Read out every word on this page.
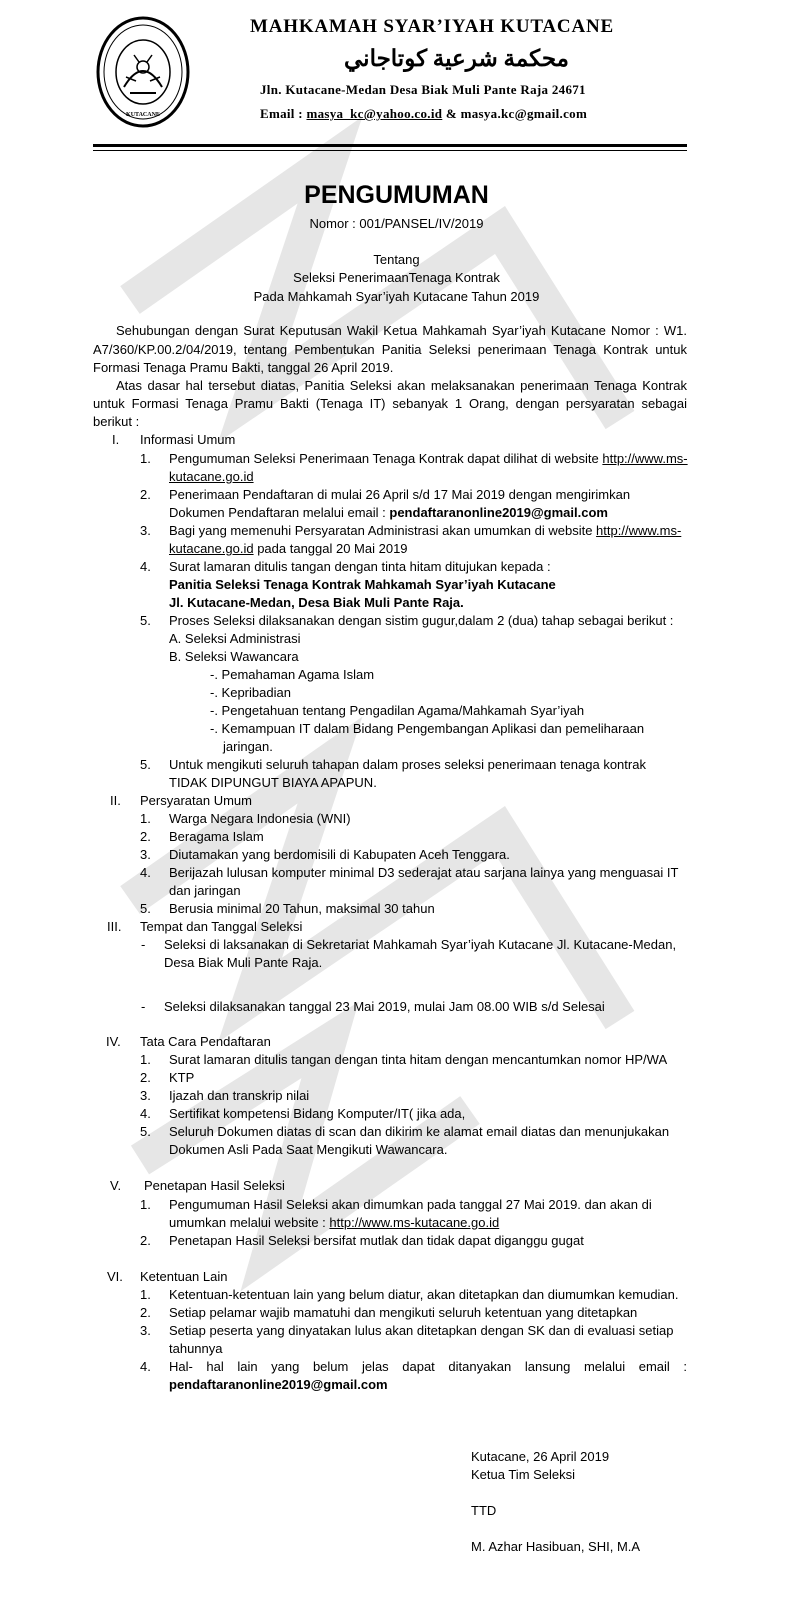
KUTACANE
MAHKAMAH SYAR’IYAH KUTACANE
محكمة شرعية كوتاجاني
Jln. Kutacane-Medan Desa Biak Muli Pante Raja 24671
Email : masya_kc@yahoo.co.id & masya.kc@gmail.com
PENGUMUMAN
Nomor : 001/PANSEL/IV/2019
Tentang
Seleksi PenerimaanTenaga Kontrak
Pada Mahkamah Syar’iyah Kutacane Tahun 2019
Sehubungan dengan Surat Keputusan Wakil Ketua Mahkamah Syar’iyah Kutacane Nomor : W1.
A7/360/KP.00.2/04/2019, tentang Pembentukan Panitia Seleksi penerimaan Tenaga Kontrak untuk
Formasi Tenaga Pramu Bakti, tanggal 26 April 2019.
Atas dasar hal tersebut diatas, Panitia Seleksi akan melaksanakan penerimaan Tenaga Kontrak
untuk Formasi Tenaga Pramu Bakti (Tenaga IT) sebanyak 1 Orang, dengan persyaratan sebagai
berikut :
I. Informasi Umum
1. Pengumuman Seleksi Penerimaan Tenaga Kontrak dapat dilihat di website http://www.ms-
kutacane.go.id
2. Penerimaan Pendaftaran di mulai 26 April s/d 17 Mai 2019 dengan mengirimkan
Dokumen Pendaftaran melalui email : pendaftaranonline2019@gmail.com
3. Bagi yang memenuhi Persyaratan Administrasi akan umumkan di website http://www.ms-
kutacane.go.id pada tanggal 20 Mai 2019
4. Surat lamaran ditulis tangan dengan tinta hitam ditujukan kepada :
Panitia Seleksi Tenaga Kontrak Mahkamah Syar’iyah Kutacane
Jl. Kutacane-Medan, Desa Biak Muli Pante Raja.
5. Proses Seleksi dilaksanakan dengan sistim gugur,dalam 2 (dua) tahap sebagai berikut :
A. Seleksi Administrasi
B. Seleksi Wawancara
-. Pemahaman Agama Islam
-. Kepribadian
-. Pengetahuan tentang Pengadilan Agama/Mahkamah Syar’iyah
-. Kemampuan IT dalam Bidang Pengembangan Aplikasi dan pemeliharaan
jaringan.
5. Untuk mengikuti seluruh tahapan dalam proses seleksi penerimaan tenaga kontrak
TIDAK DIPUNGUT BIAYA APAPUN.
II. Persyaratan Umum
1. Warga Negara Indonesia (WNI)
2. Beragama Islam
3. Diutamakan yang berdomisili di Kabupaten Aceh Tenggara.
4. Berijazah lulusan komputer minimal D3 sederajat atau sarjana lainya yang menguasai IT
dan jaringan
5. Berusia minimal 20 Tahun, maksimal 30 tahun
III. Tempat dan Tanggal Seleksi
- Seleksi di laksanakan di Sekretariat Mahkamah Syar’iyah Kutacane Jl. Kutacane-Medan,
Desa Biak Muli Pante Raja.
- Seleksi dilaksanakan tanggal 23 Mai 2019, mulai Jam 08.00 WIB s/d Selesai
IV. Tata Cara Pendaftaran
1. Surat lamaran ditulis tangan dengan tinta hitam dengan mencantumkan nomor HP/WA
2. KTP
3. Ijazah dan transkrip nilai
4. Sertifikat kompetensi Bidang Komputer/IT( jika ada,
5. Seluruh Dokumen diatas di scan dan dikirim ke alamat email diatas dan menunjukakan
Dokumen Asli Pada Saat Mengikuti Wawancara.
V. Penetapan Hasil Seleksi
1. Pengumuman Hasil Seleksi akan dimumkan pada tanggal 27 Mai 2019. dan akan di
umumkan melalui website : http://www.ms-kutacane.go.id
2. Penetapan Hasil Seleksi bersifat mutlak dan tidak dapat diganggu gugat
VI. Ketentuan Lain
1. Ketentuan-ketentuan lain yang belum diatur, akan ditetapkan dan diumumkan kemudian.
2. Setiap pelamar wajib mamatuhi dan mengikuti seluruh ketentuan yang ditetapkan
3. Setiap peserta yang dinyatakan lulus akan ditetapkan dengan SK dan di evaluasi setiap
tahunnya
4. Hal- hal lain yang belum jelas dapat ditanyakan lansung melalui email :
pendaftaranonline2019@gmail.com
Kutacane, 26 April 2019
Ketua Tim Seleksi
TTD
M. Azhar Hasibuan, SHI, M.A
